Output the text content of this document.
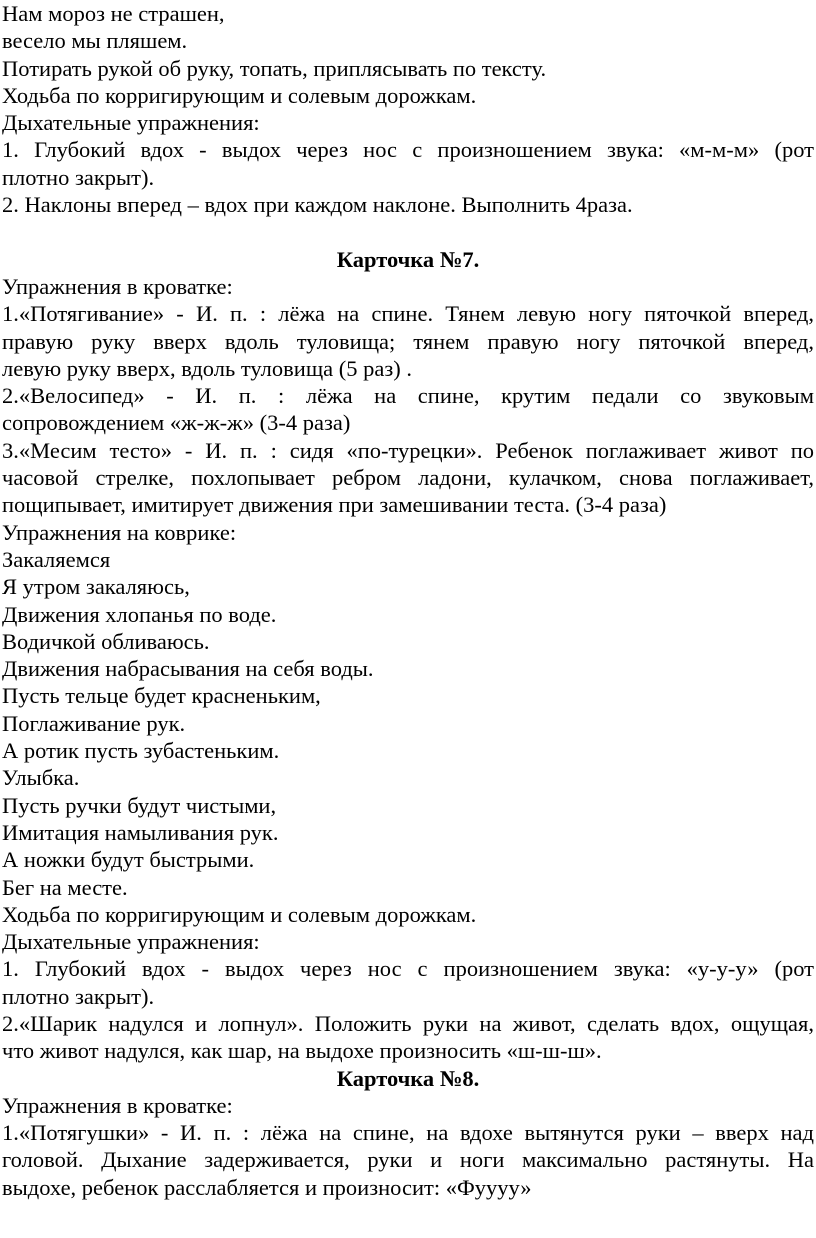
Нам мороз не страшен,
весело мы пляшем.
Потирать рукой об руку, топать, приплясывать по тексту.
Ходьба по корригирующим и солевым дорожкам.
Дыхательные упражнения:
1. Глубокий вдох - выдох через нос с произношением звука: «м-м-м» (рот
плотно закрыт).
2. Наклоны вперед – вдох при каждом наклоне. Выполнить 4раза.
Карточка №7.
Упражнения в кроватке:
1.«Потягивание» - И. п. : лёжа на спине. Тянем левую ногу пяточкой вперед,
правую руку вверх вдоль туловища; тянем правую ногу пяточкой вперед,
левую руку вверх, вдоль туловища (5 раз) .
2.«Велосипед» - И. п. : лёжа на спине, крутим педали со звуковым
сопровождением «ж-ж-ж» (3-4 раза)
3.«Месим тесто» - И. п. : сидя «по-турецки». Ребенок поглаживает живот по
часовой стрелке, похлопывает ребром ладони, кулачком, снова поглаживает,
пощипывает, имитирует движения при замешивании теста. (3-4 раза)
Упражнения на коврике:
Закаляемся
Я утром закаляюсь,
Движения хлопанья по воде.
Водичкой обливаюсь.
Движения набрасывания на себя воды.
Пусть тельце будет красненьким,
Поглаживание рук.
А ротик пусть зубастеньким.
Улыбка.
Пусть ручки будут чистыми,
Имитация намыливания рук.
А ножки будут быстрыми.
Бег на месте.
Ходьба по корригирующим и солевым дорожкам.
Дыхательные упражнения:
1. Глубокий вдох - выдох через нос с произношением звука: «у-у-у» (рот
плотно закрыт).
2.«Шарик надулся и лопнул». Положить руки на живот, сделать вдох, ощущая,
что живот надулся, как шар, на выдохе произносить «ш-ш-ш».
Карточка №8.
Упражнения в кроватке:
1.«Потягушки» - И. п. : лёжа на спине, на вдохе вытянутся руки – вверх над
головой. Дыхание задерживается, руки и ноги максимально растянуты. На
выдохе, ребенок расслабляется и произносит: «Фуууу»
